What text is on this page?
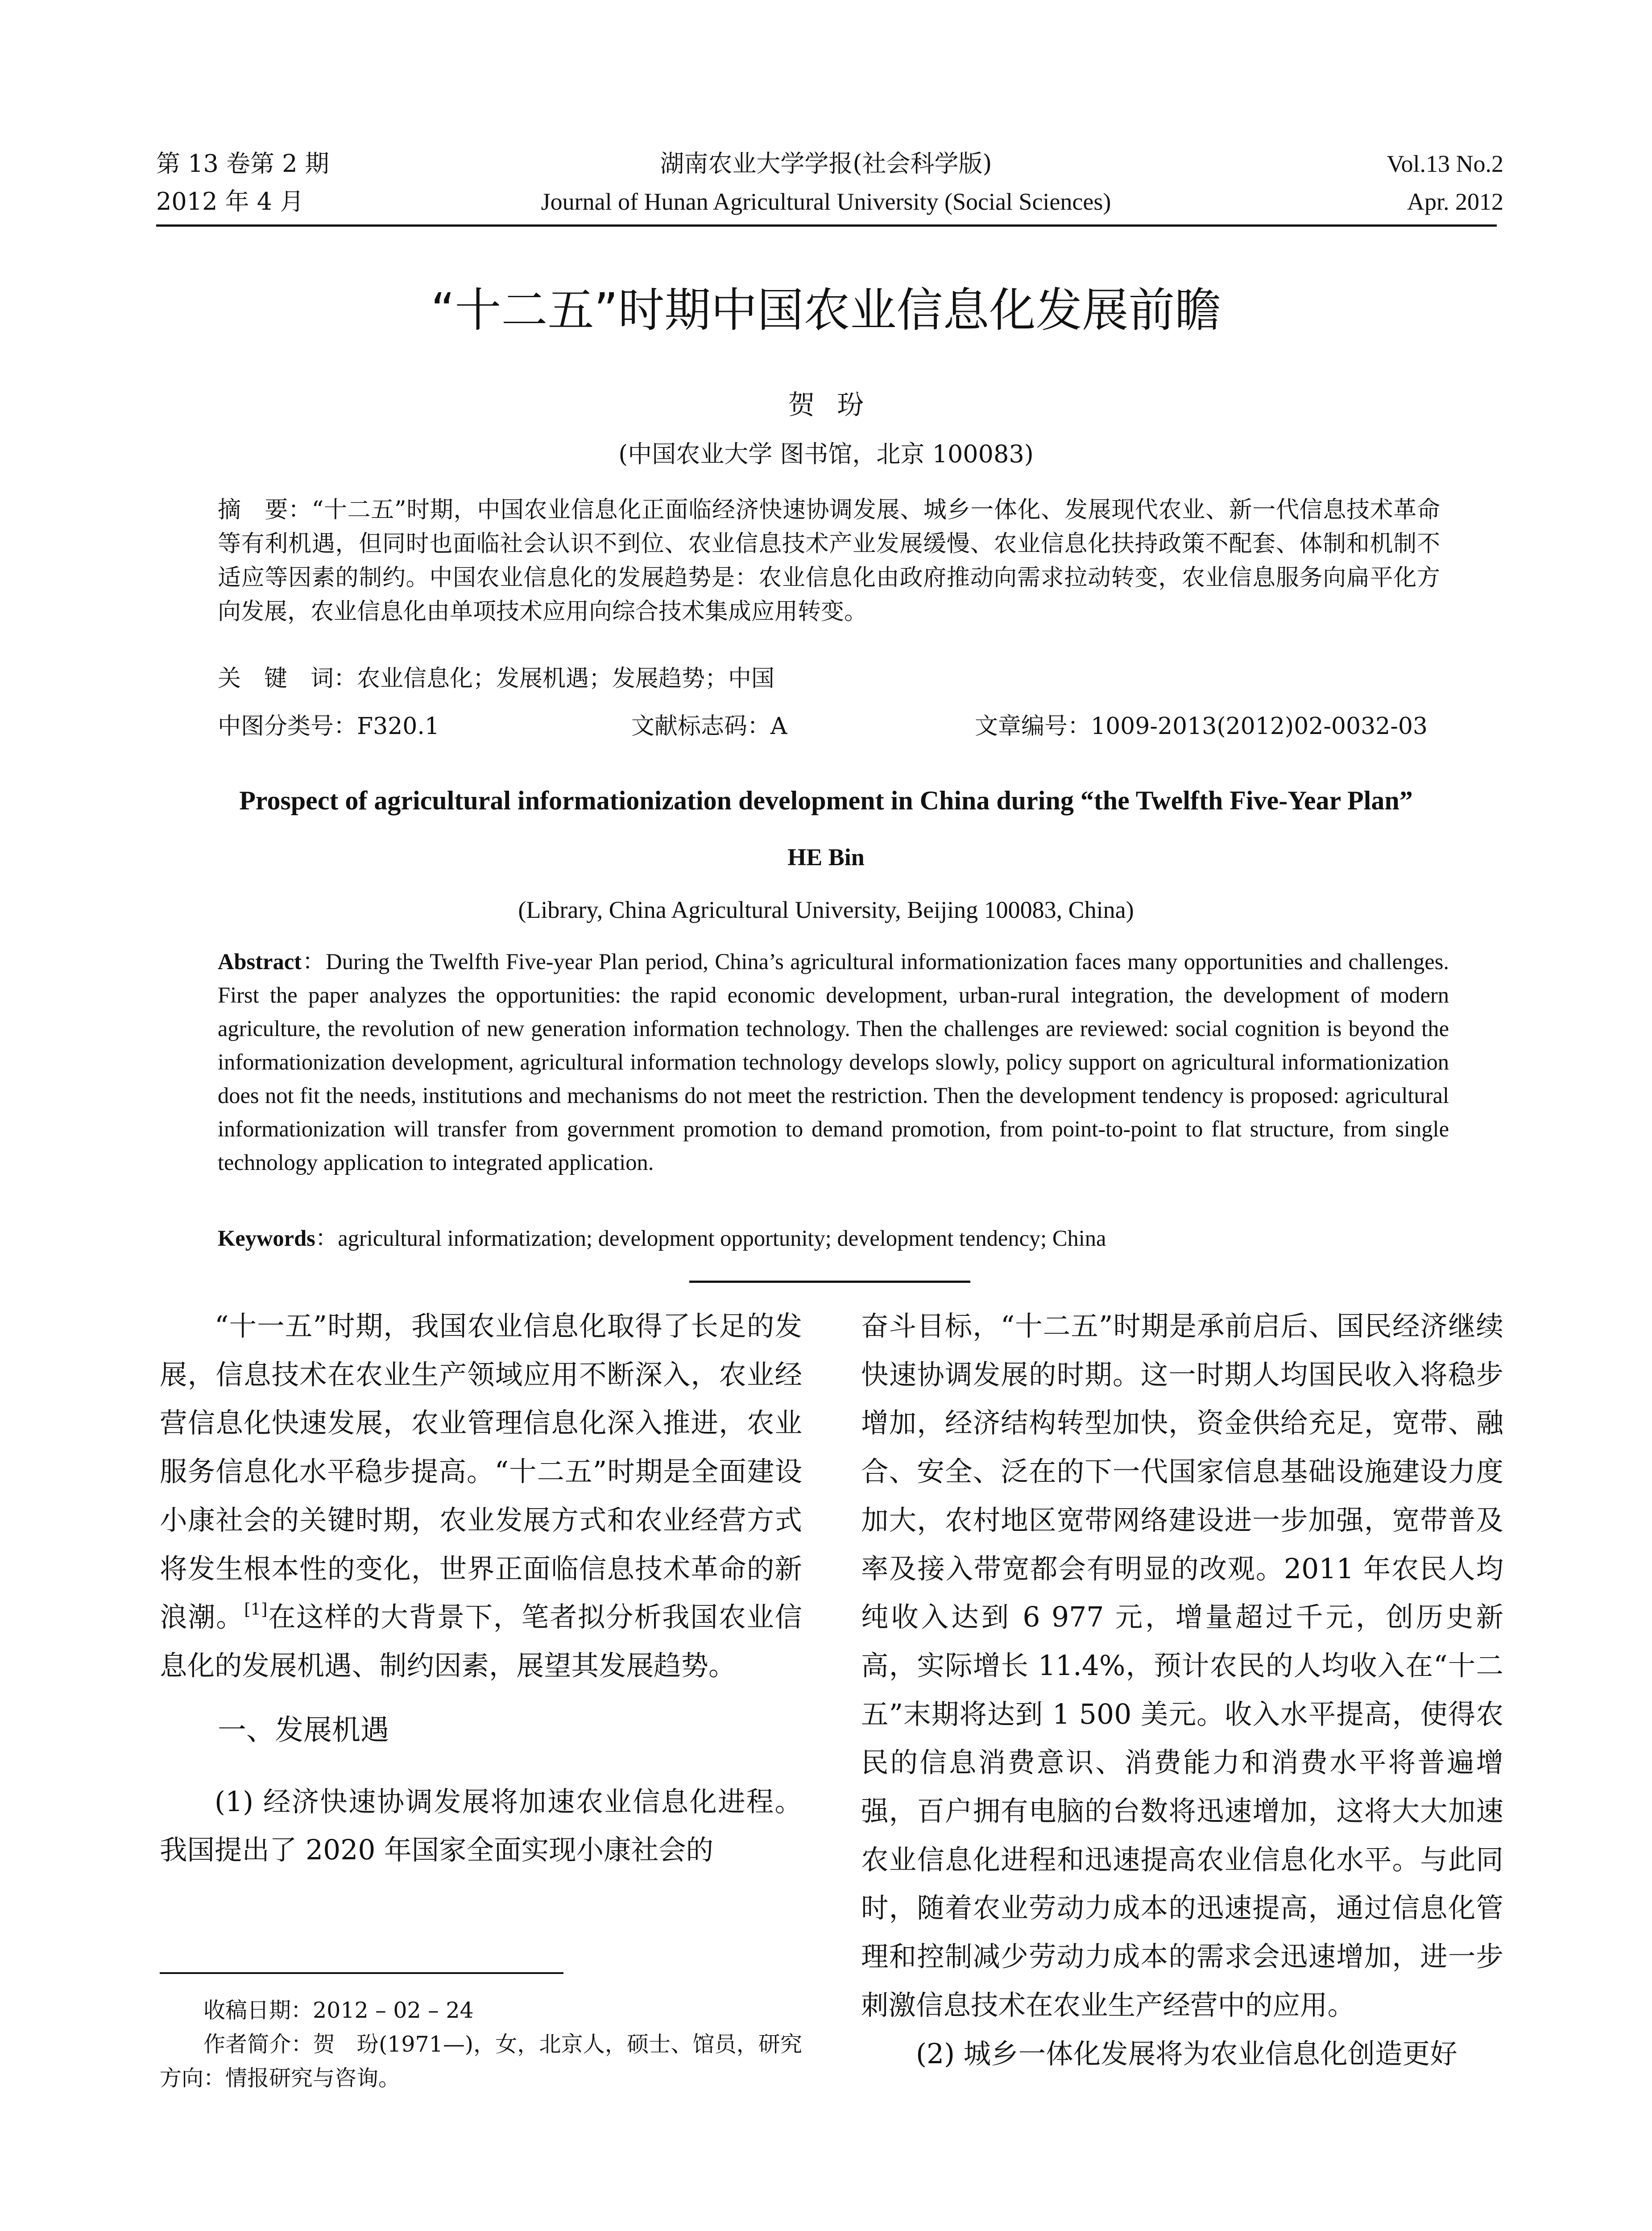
第 13 卷第 2 期
2012 年 4 月
湖南农业大学学报(社会科学版)
Journal of Hunan Agricultural University (Social Sciences)
Vol.13 No.2
Apr. 2012
“十二五”时期中国农业信息化发展前瞻
贺玢
(中国农业大学 图书馆，北京 100083)
摘　要：“十二五”时期，中国农业信息化正面临经济快速协调发展、城乡一体化、发展现代农业、新一代信息技术革命等有利机遇，但同时也面临社会认识不到位、农业信息技术产业发展缓慢、农业信息化扶持政策不配套、体制和机制不适应等因素的制约。中国农业信息化的发展趋势是：农业信息化由政府推动向需求拉动转变，农业信息服务向扁平化方向发展，农业信息化由单项技术应用向综合技术集成应用转变。
关　键　词：农业信息化；发展机遇；发展趋势；中国
中图分类号：F320.1	文献标志码：A	文章编号：1009-2013(2012)02-0032-03
Prospect of agricultural informationization development in China during “the Twelfth Five-Year Plan”
HE Bin
(Library, China Agricultural University, Beijing 100083, China)
Abstract：During the Twelfth Five-year Plan period, China’s agricultural informationization faces many opportunities and challenges. First the paper analyzes the opportunities: the rapid economic development, urban-rural integration, the development of modern agriculture, the revolution of new generation information technology. Then the challenges are reviewed: social cognition is beyond the informationization development, agricultural information technology develops slowly, policy support on agricultural informationization does not fit the needs, institutions and mechanisms do not meet the restriction. Then the development tendency is proposed: agricultural informationization will transfer from government promotion to demand promotion, from point-to-point to flat structure, from single technology application to integrated application.
Keywords：agricultural informatization; development opportunity; development tendency; China

“十一五”时期，我国农业信息化取得了长足的发展，信息技术在农业生产领域应用不断深入，农业经营信息化快速发展，农业管理信息化深入推进，农业服务信息化水平稳步提高。“十二五”时期是全面建设小康社会的关键时期，农业发展方式和农业经营方式将发生根本性的变化，世界正面临信息技术革命的新浪潮。[1]在这样的大背景下，笔者拟分析我国农业信息化的发展机遇、制约因素，展望其发展趋势。

一、发展机遇

(1) 经济快速协调发展将加速农业信息化进程。我国提出了 2020 年国家全面实现小康社会的

奋斗目标，“十二五”时期是承前启后、国民经济继续快速协调发展的时期。这一时期人均国民收入将稳步增加，经济结构转型加快，资金供给充足，宽带、融合、安全、泛在的下一代国家信息基础设施建设力度加大，农村地区宽带网络建设进一步加强，宽带普及率及接入带宽都会有明显的改观。2011 年农民人均纯收入达到 6 977 元，增量超过千元，创历史新高，实际增长 11.4%，预计农民的人均收入在“十二五”末期将达到 1 500 美元。收入水平提高，使得农民的信息消费意识、消费能力和消费水平将普遍增强，百户拥有电脑的台数将迅速增加，这将大大加速农业信息化进程和迅速提高农业信息化水平。与此同时，随着农业劳动力成本的迅速提高，通过信息化管理和控制减少劳动力成本的需求会迅速增加，进一步刺激信息技术在农业生产经营中的应用。

(2) 城乡一体化发展将为农业信息化创造更好

收稿日期：2012 – 02 – 24

作者简介：贺　玢(1971—)，女，北京人，硕士、馆员，研究方向：情报研究与咨询。
